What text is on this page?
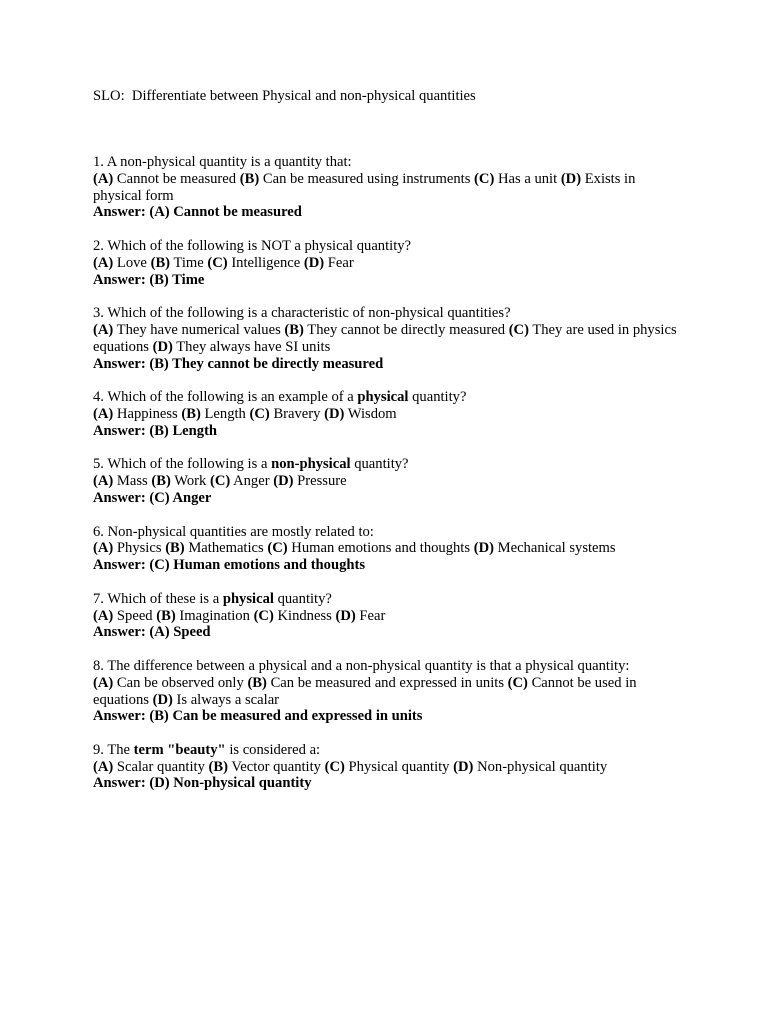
SLO:  Differentiate between Physical and non-physical quantities
1. A non-physical quantity is a quantity that:
(A) Cannot be measured (B) Can be measured using instruments (C) Has a unit (D) Exists in physical form
Answer: (A) Cannot be measured
2. Which of the following is NOT a physical quantity?
(A) Love (B) Time (C) Intelligence (D) Fear
Answer: (B) Time
3. Which of the following is a characteristic of non-physical quantities?
(A) They have numerical values (B) They cannot be directly measured (C) They are used in physics equations (D) They always have SI units
Answer: (B) They cannot be directly measured
4. Which of the following is an example of a physical quantity?
(A) Happiness (B) Length (C) Bravery (D) Wisdom
Answer: (B) Length
5. Which of the following is a non-physical quantity?
(A) Mass (B) Work (C) Anger (D) Pressure
Answer: (C) Anger
6. Non-physical quantities are mostly related to:
(A) Physics (B) Mathematics (C) Human emotions and thoughts (D) Mechanical systems
Answer: (C) Human emotions and thoughts
7. Which of these is a physical quantity?
(A) Speed (B) Imagination (C) Kindness (D) Fear
Answer: (A) Speed
8. The difference between a physical and a non-physical quantity is that a physical quantity:
(A) Can be observed only (B) Can be measured and expressed in units (C) Cannot be used in equations (D) Is always a scalar
Answer: (B) Can be measured and expressed in units
9. The term "beauty" is considered a:
(A) Scalar quantity (B) Vector quantity (C) Physical quantity (D) Non-physical quantity
Answer: (D) Non-physical quantity
